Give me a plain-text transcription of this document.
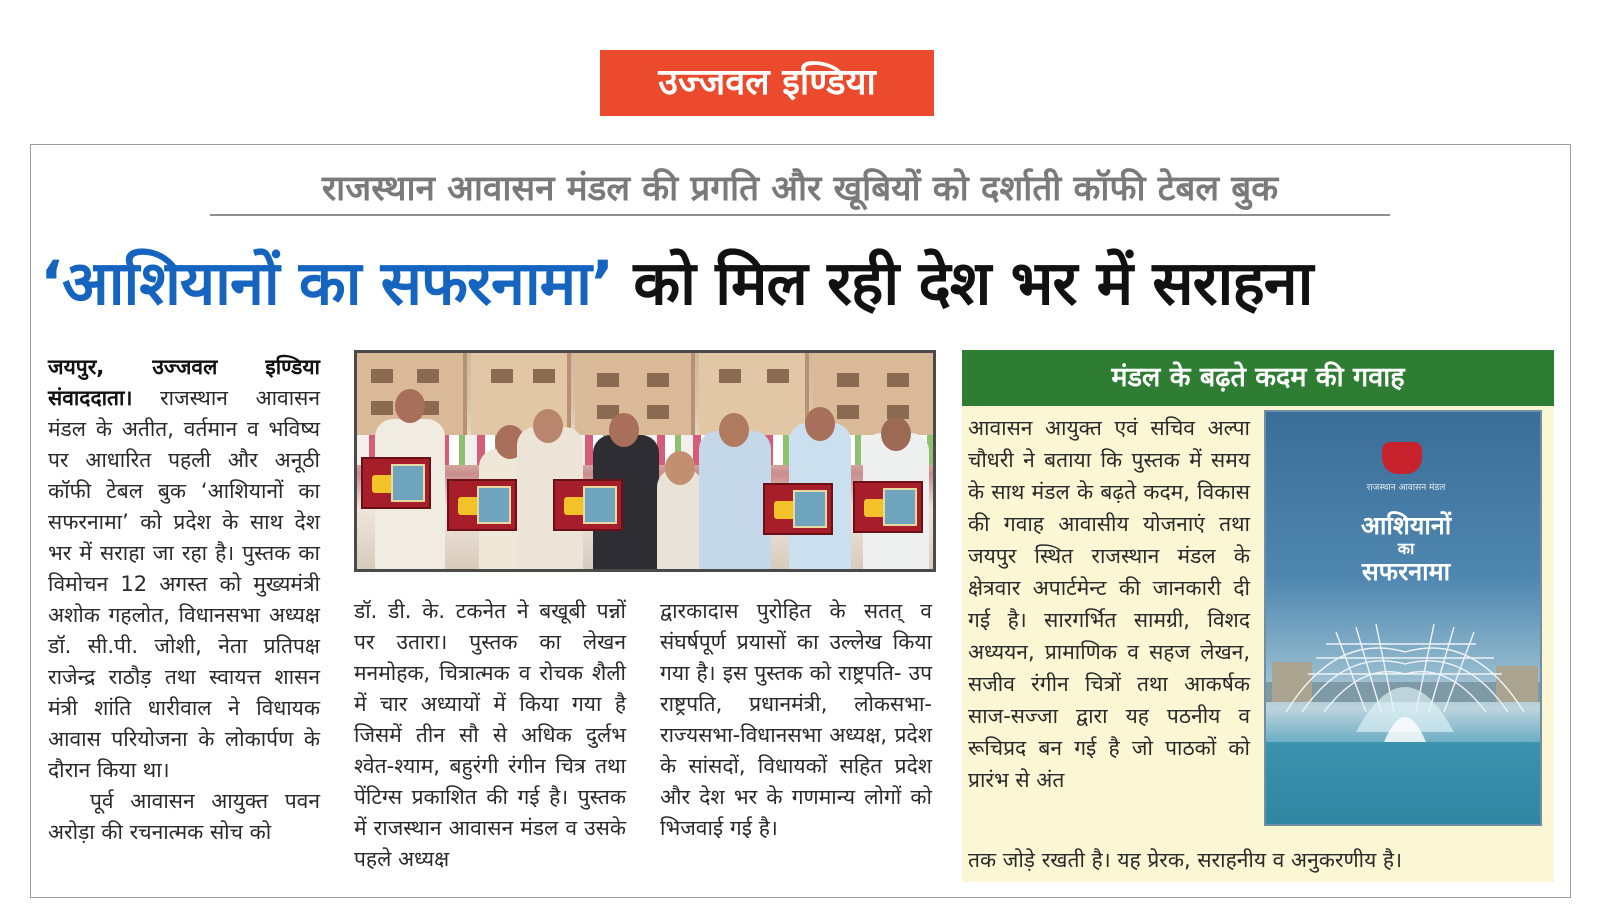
उज्जवल इण्डिया
राजस्थान आवासन मंडल की प्रगति और खूबियों को दर्शाती कॉफी टेबल बुक
‘आशियानों का सफरनामा’ को मिल रही देश भर में सराहना

जयपुर, उज्जवल इण्डिया संवाददाता। राजस्थान आवासन मंडल के अतीत, वर्तमान व भविष्य पर आधारित पहली और अनूठी कॉफी टेबल बुक ‘आशियानों का सफरनामा’ को प्रदेश के साथ देश भर में सराहा जा रहा है। पुस्तक का विमोचन 12 अगस्त को मुख्यमंत्री अशोक गहलोत, विधानसभा अध्यक्ष डॉ. सी.पी. जोशी, नेता प्रतिपक्ष राजेन्द्र राठौड़ तथा स्वायत्त शासन मंत्री शांति धारीवाल ने विधायक आवास परियोजना के लोकार्पण के दौरान किया था।

पूर्व आवासन आयुक्त पवन अरोड़ा की रचनात्मक सोच को

डॉ. डी. के. टकनेत ने बखूबी पन्नों पर उतारा। पुस्तक का लेखन मनमोहक, चित्रात्मक व रोचक शैली में चार अध्यायों में किया गया है जिसमें तीन सौ से अधिक दुर्लभ श्वेत-श्याम, बहुरंगी रंगीन चित्र तथा पेंटिग्स प्रकाशित की गई है। पुस्तक में राजस्थान आवासन मंडल व उसके पहले अध्यक्ष
द्वारकादास पुरोहित के सतत् व संघर्षपूर्ण प्रयासों का उल्लेख किया गया है। इस पुस्तक को राष्ट्रपति- उप राष्ट्रपति, प्रधानमंत्री, लोकसभा-राज्यसभा-विधानसभा अध्यक्ष, प्रदेश के सांसदों, विधायकों सहित प्रदेश और देश भर के गणमान्य लोगों को भिजवाई गई है।
मंडल के बढ़ते कदम की गवाह
आवासन आयुक्त एवं सचिव अल्पा चौधरी ने बताया कि पुस्तक में समय के साथ मंडल के बढ़ते कदम, विकास की गवाह आवासीय योजनाएं तथा जयपुर स्थित राजस्थान मंडल के क्षेत्रवार अपार्टमेन्ट की जानकारी दी गई है। सारगर्भित सामग्री, विशद अध्ययन, प्रामाणिक व सहज लेखन, सजीव रंगीन चित्रों तथा आकर्षक साज-सज्जा द्वारा यह पठनीय व रूचिप्रद बन गई है जो पाठकों को प्रारंभ से अंत
तक जोड़े रखती है। यह प्रेरक, सराहनीय व अनुकरणीय है।
राजस्थान आवासन मंडल
आशियानों
का
सफरनामा
